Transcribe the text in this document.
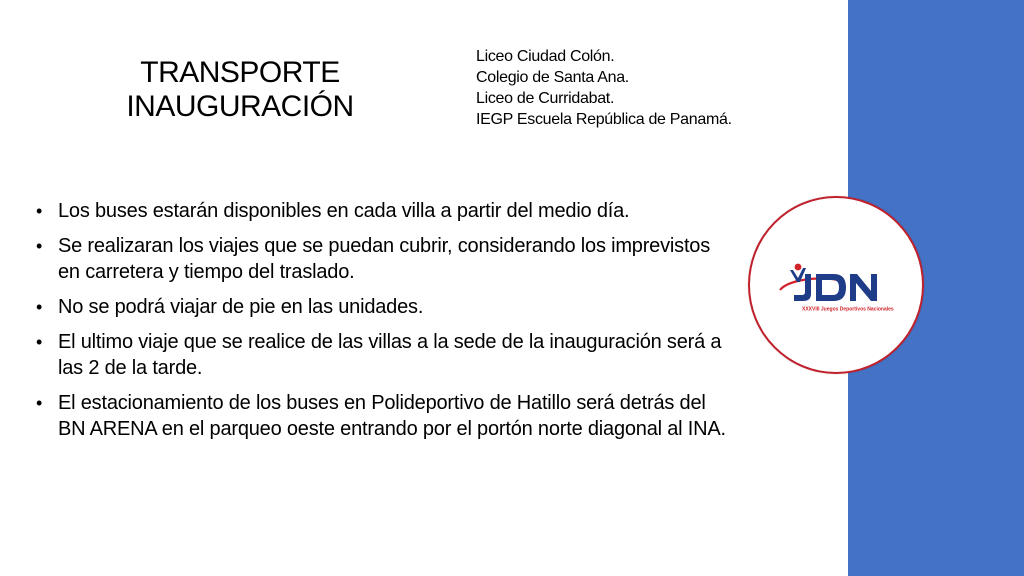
TRANSPORTE
INAUGURACIÓN
Liceo Ciudad Colón.
Colegio de Santa Ana.
Liceo de Curridabat.
IEGP Escuela República de Panamá.
• Los buses estarán disponibles en cada villa a partir del medio día.
• Se realizaran los viajes que se puedan cubrir, considerando los imprevistos en carretera y tiempo del traslado.
• No se podrá viajar de pie en las unidades.
• El ultimo viaje que se realice de las villas a la sede de la inauguración será a las 2 de la tarde.
• El estacionamiento de los buses en Polideportivo de Hatillo será detrás del BN ARENA en el parqueo oeste entrando por el portón norte diagonal al INA.
XXXVIII Juegos Deportivos Nacionales
